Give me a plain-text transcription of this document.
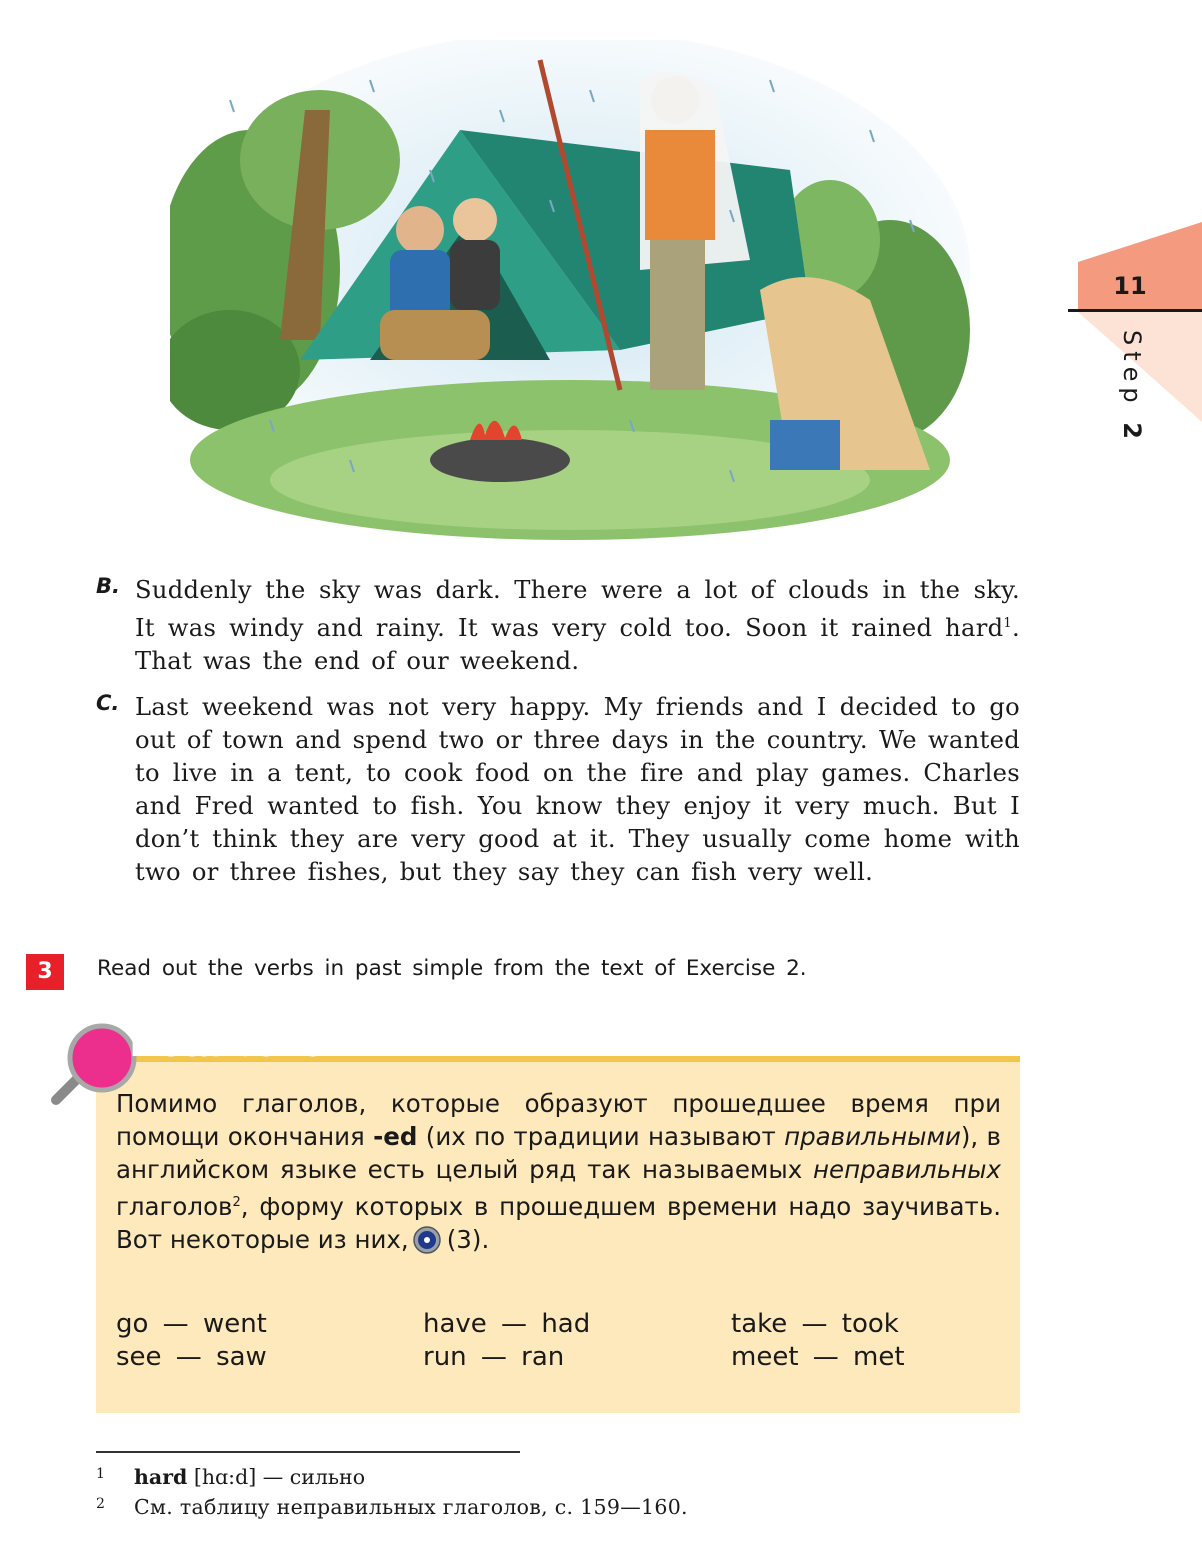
11
Step 2
B. Suddenly the sky was dark. There were a lot of clouds in the sky. It was windy and rainy. It was very cold too. Soon it rained hard$^1$. That was the end of our weekend.
C. Last weekend was not very happy. My friends and I decided to go out of town and spend two or three days in the country. We wanted to live in a tent, to cook food on the fire and play games. Charles and Fred wanted to fish. You know they enjoy it very much. But I don’t think they are very good at it. They usually come home with two or three fishes, but they say they can fish very well.
3	Read out the verbs in past simple from the text of Exercise 2.
Nota bene
Помимо глаголов, которые образуют прошедшее время при помощи окончания -ed (их по традиции называют правильными), в английском языке есть целый ряд так называемых неправильных глаголов$^2$, форму которых в прошедшем времени надо заучивать. Вот некоторые из них, (3).
go — went	have — had	take — took
see — saw	run — ran	meet — met
1 hard [hɑ:d] — сильно
2 См. таблицу неправильных глаголов, с. 159—160.
